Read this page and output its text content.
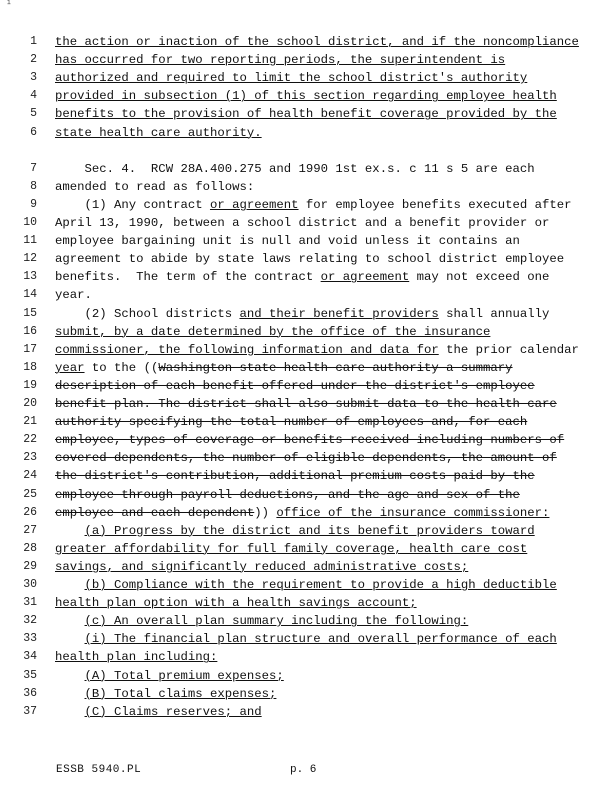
¹
1 the action or inaction of the school district, and if the noncompliance
2 has occurred for two reporting periods, the superintendent is
3 authorized and required to limit the school district's authority
4 provided in subsection (1) of this section regarding employee health
5 benefits to the provision of health benefit coverage provided by the
6 state health care authority.
7 Sec. 4.  RCW 28A.400.275 and 1990 1st ex.s. c 11 s 5 are each
8 amended to read as follows:
9 (1) Any contract or agreement for employee benefits executed after
10 April 13, 1990, between a school district and a benefit provider or
11 employee bargaining unit is null and void unless it contains an
12 agreement to abide by state laws relating to school district employee
13 benefits.  The term of the contract or agreement may not exceed one
14 year.
15 (2) School districts and their benefit providers shall annually
16 submit, by a date determined by the office of the insurance
17 commissioner, the following information and data for the prior calendar
18 year to the ((Washington state health care authority a summary
19 description of each benefit offered under the district's employee
20 benefit plan. The district shall also submit data to the health care
21 authority specifying the total number of employees and, for each
22 employee, types of coverage or benefits received including numbers of
23 covered dependents, the number of eligible dependents, the amount of
24 the district's contribution, additional premium costs paid by the
25 employee through payroll deductions, and the age and sex of the
26 employee and each dependent)) office of the insurance commissioner:
27	(a) Progress by the district and its benefit providers toward
28 greater affordability for full family coverage, health care cost
29 savings, and significantly reduced administrative costs;
30	(b) Compliance with the requirement to provide a high deductible
31 health plan option with a health savings account;
32	(c) An overall plan summary including the following:
33	(i) The financial plan structure and overall performance of each
34 health plan including:
35	(A) Total premium expenses;
36	(B) Total claims expenses;
37	(C) Claims reserves; and
ESSB 5940.PL	p. 6
